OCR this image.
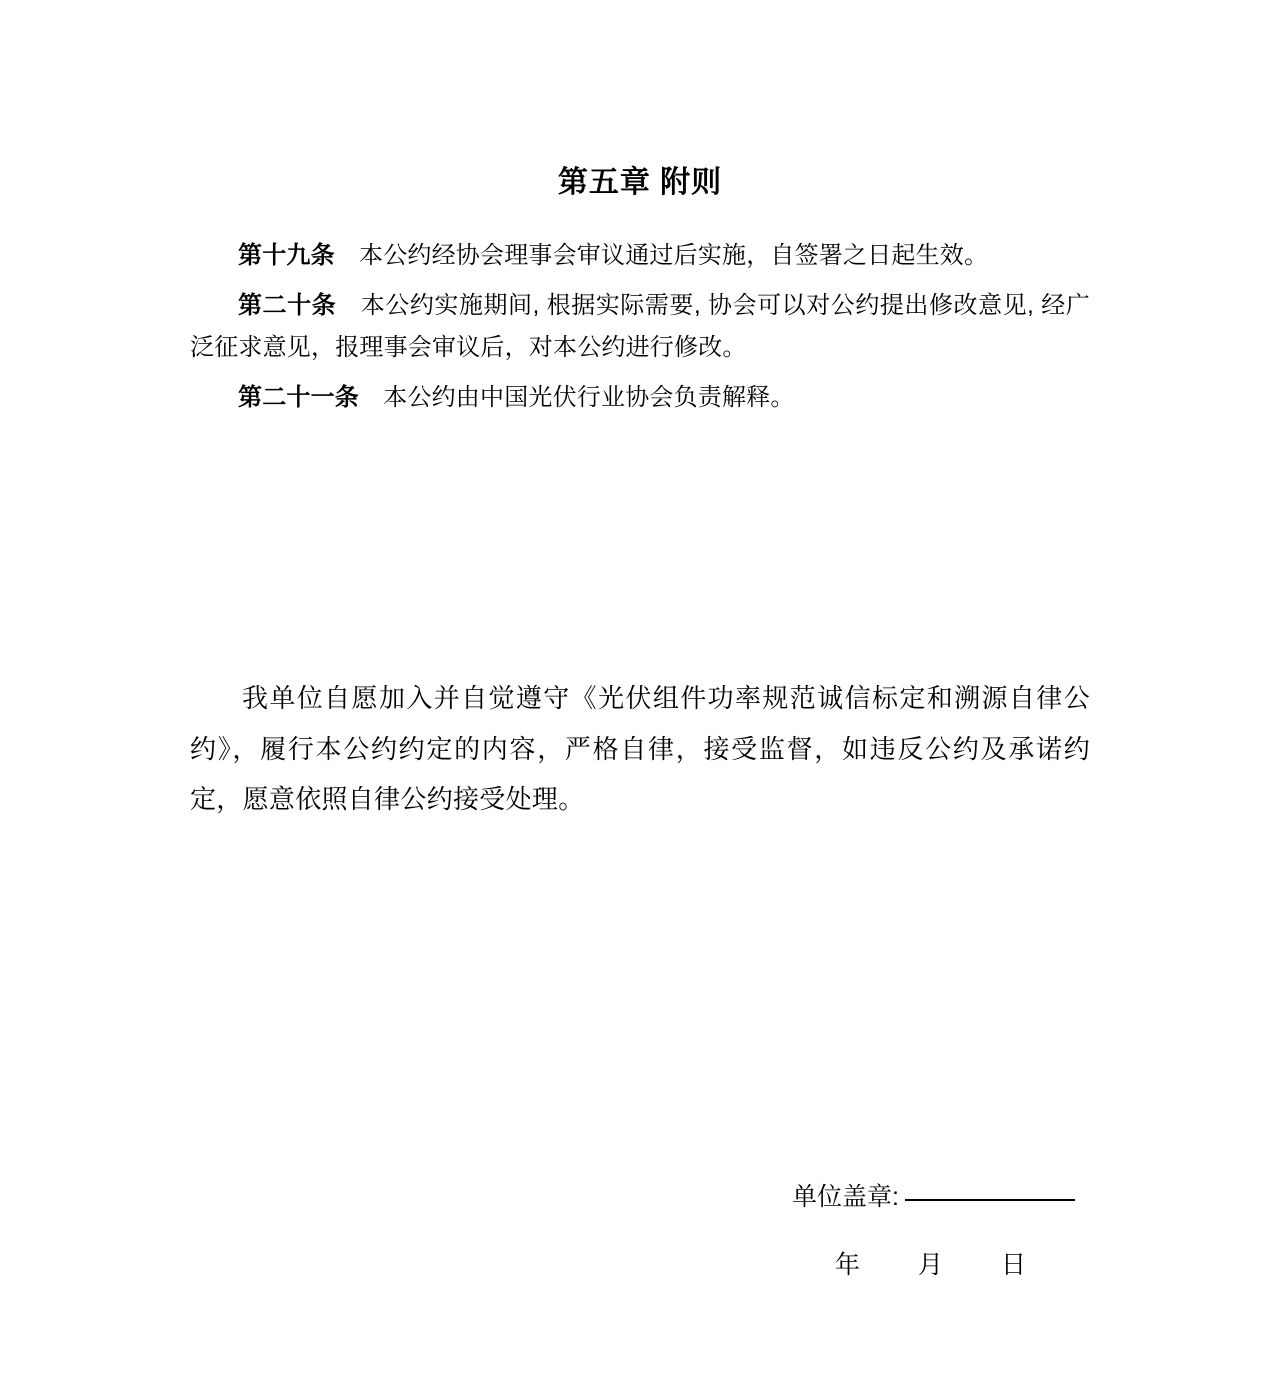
第五章 附则

第十九条　本公约经协会理事会审议通过后实施，自签署之日起生效。

第二十条　本公约实施期间, 根据实际需要, 协会可以对公约提出修改意见, 经广泛征求意见，报理事会审议后，对本公约进行修改。

第二十一条　本公约由中国光伏行业协会负责解释。

我单位自愿加入并自觉遵守《光伏组件功率规范诚信标定和溯源自律公约》，履行本公约约定的内容，严格自律，接受监督，如违反公约及承诺约定，愿意依照自律公约接受处理。

单位盖章:
年 月 日
